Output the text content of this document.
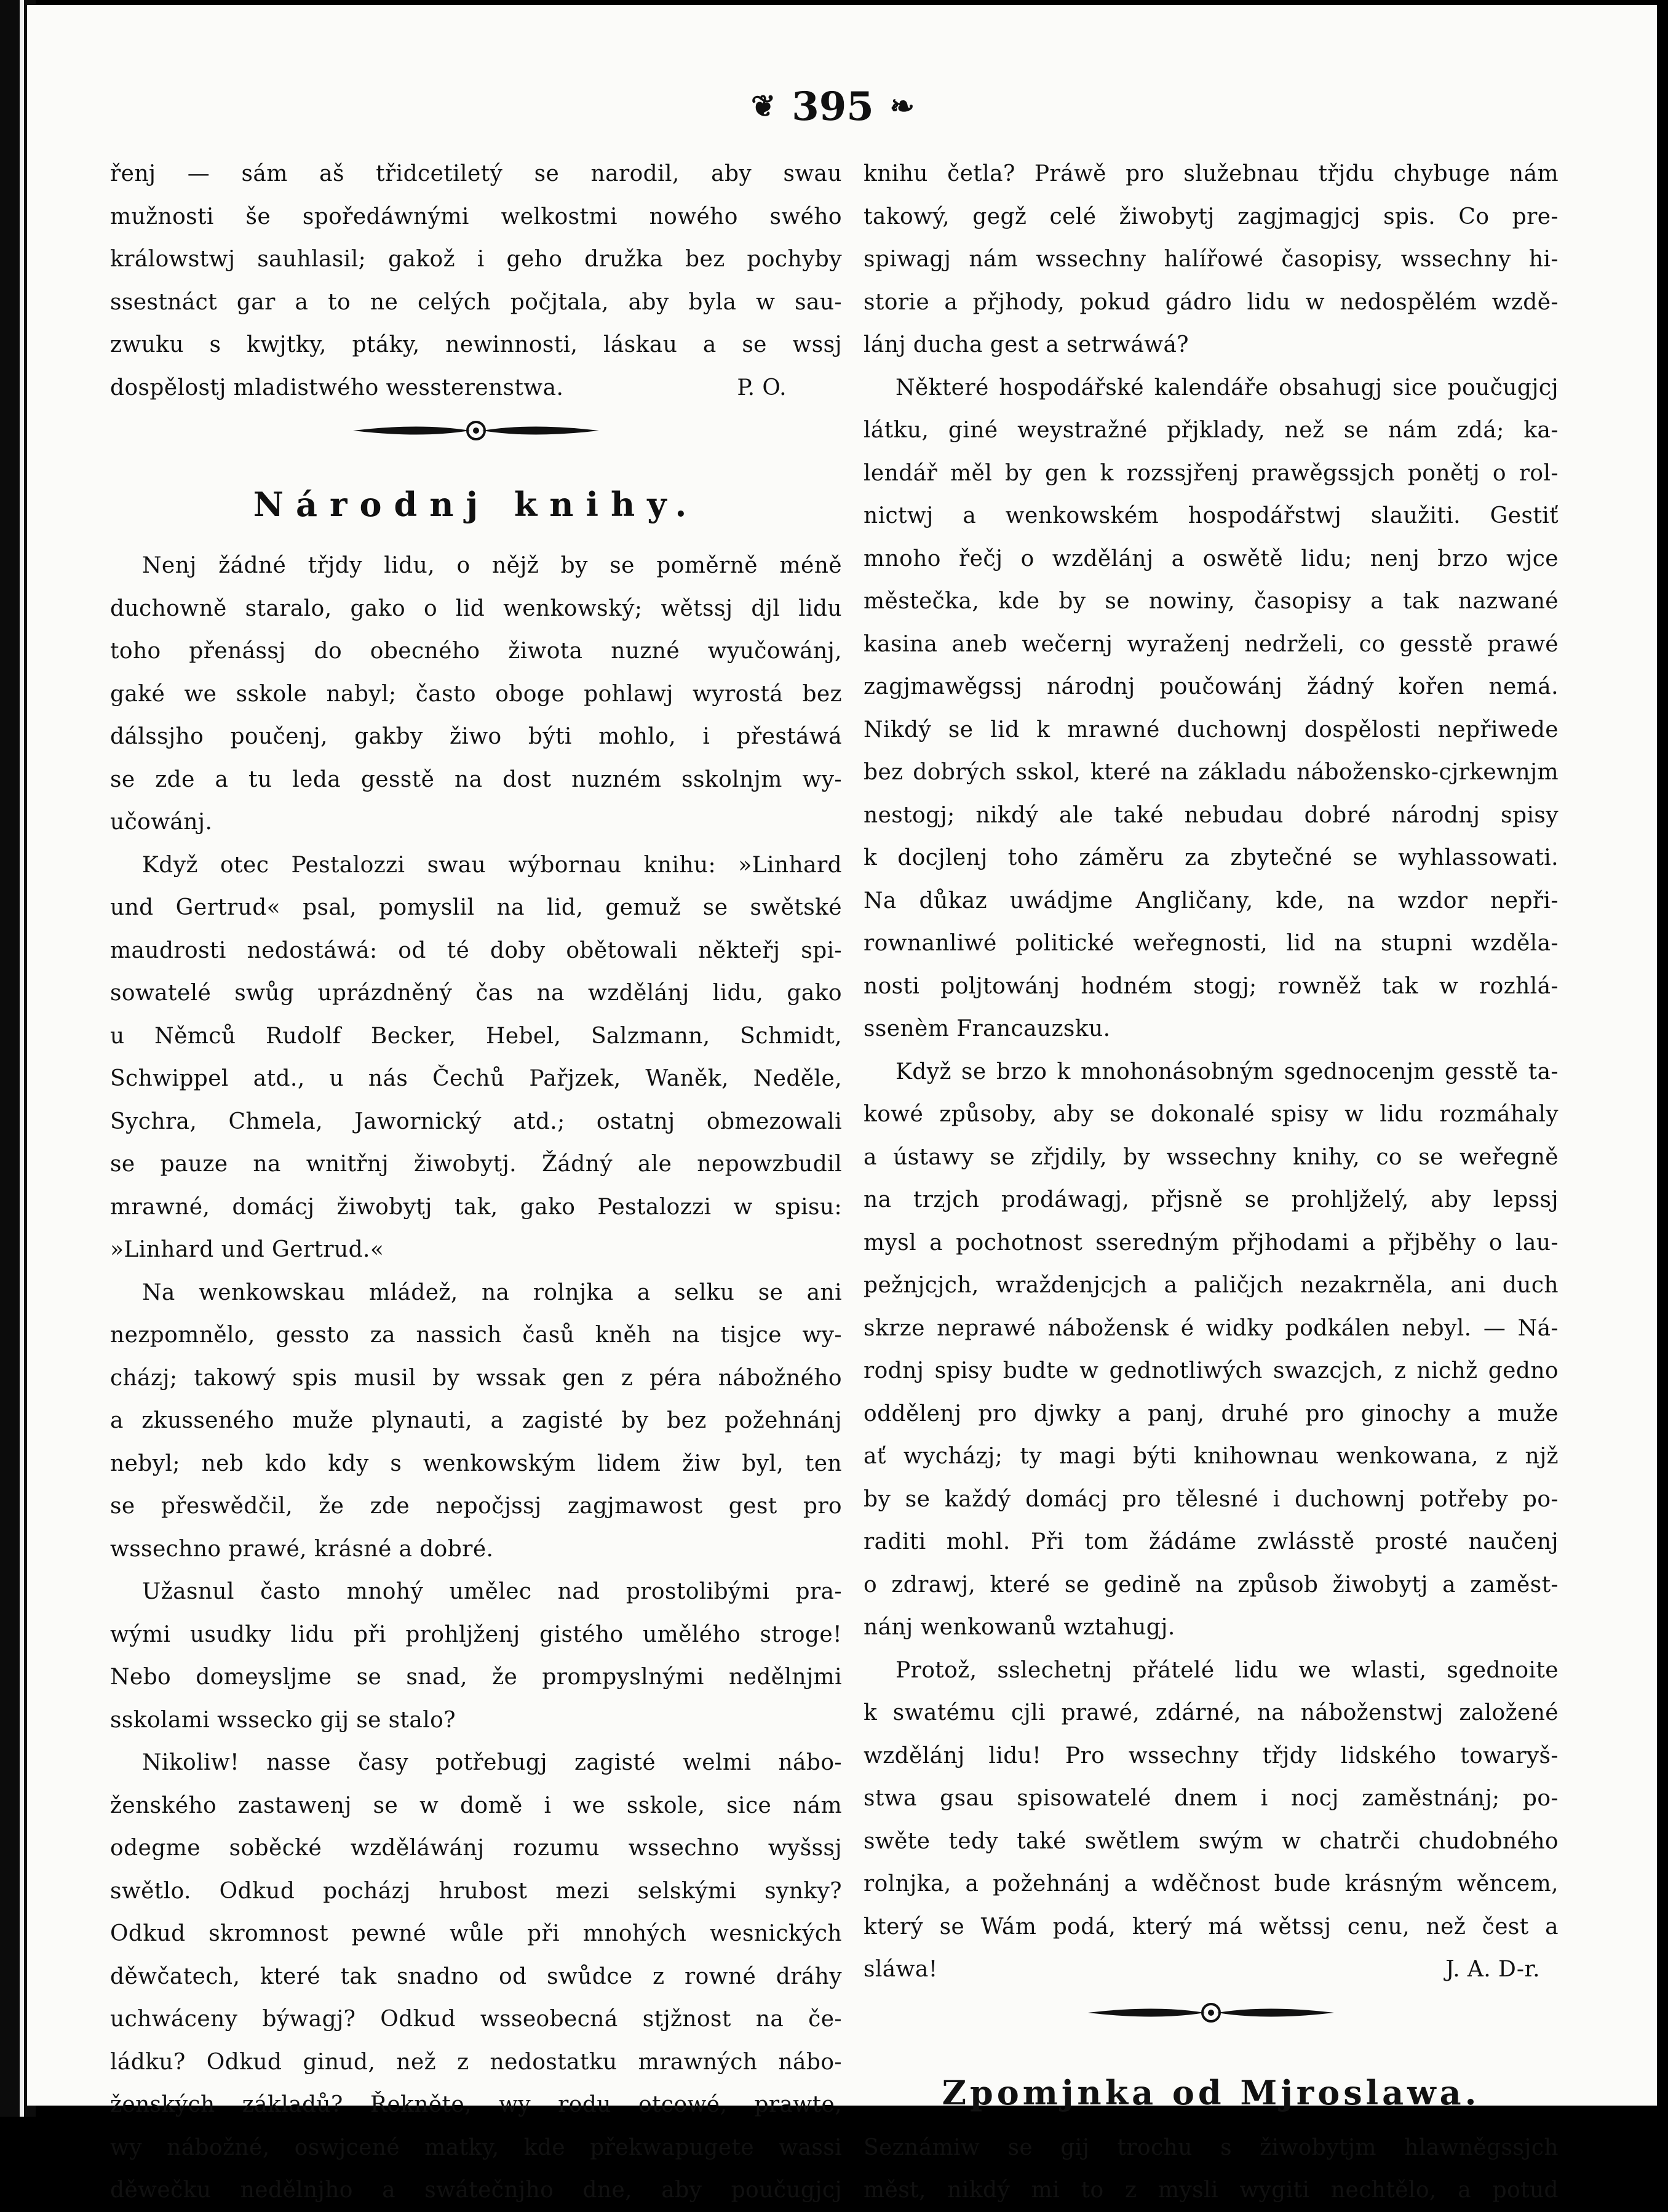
❦ 395 ❧
řenj — sám aš třidcetiletý se narodil, aby swau
mužnosti še spoředáwnými welkostmi nowého swého
králowstwj sauhlasil; gakož i geho družka bez pochyby
ssestnáct gar a to ne celých počjtala, aby byla w sau-
zwuku s kwjtky, ptáky, newinnosti, láskau a se wssj
dospělostj mladistwého wessterenstwa.	P. O.
Národnj knihy.
Nenj žádné třjdy lidu, o nějž by se poměrně méně
duchowně staralo, gako o lid wenkowský; wětssj djl lidu
toho přenássj do obecného žiwota nuzné wyučowánj,
gaké we sskole nabyl; často oboge pohlawj wyrostá bez
dálssjho poučenj, gakby žiwo býti mohlo, i přestáwá
se zde a tu leda gesstě na dost nuzném sskolnjm wy-
učowánj.
Když otec Pestalozzi swau wýbornau knihu: »Linhard
und Gertrud« psal, pomyslil na lid, gemuž se swětské
maudrosti nedostáwá: od té doby obětowali někteřj spi-
sowatelé swůg uprázdněný čas na wzdělánj lidu, gako
u Němců Rudolf Becker, Hebel, Salzmann, Schmidt,
Schwippel atd., u nás Čechů Pařjzek, Waněk, Neděle,
Sychra, Chmela, Jawornický atd.; ostatnj obmezowali
se pauze na wnitřnj žiwobytj. Žádný ale nepowzbudil
mrawné, domácj žiwobytj tak, gako Pestalozzi w spisu:
»Linhard und Gertrud.«
Na wenkowskau mládež, na rolnjka a selku se ani
nezpomnělo, gessto za nassich časů kněh na tisjce wy-
cházj; takowý spis musil by wssak gen z péra nábožného
a zkussenéhо muže plynauti, a zagisté by bez požehnánj
nebyl; neb kdo kdy s wenkowským lidem žiw byl, ten
se přeswědčil, že zde nepočjssj zagjmawost gest pro
wssechno prawé, krásné a dobré.
Užasnul často mnohý umělec nad prostolibými pra-
wými usudky lidu při prohljženj gistého umělého stroge!
Nebo domeysljme se snad, že prompyslnými nedělnjmi
sskolami wssecko gij se stalo?
Nikoliw! nasse časy potřebugj zagisté welmi nábo-
ženského zastawenj se w domě i we sskole, sice nám
odegme soběcké wzděláwánj rozumu wssechno wyšssj
swětlo. Odkud pocházj hrubost mezi selskými synky?
Odkud skromnost pewné wůle při mnohých wesnických
děwčatech, které tak snadno od swůdce z rowné dráhy
uchwáceny býwagj? Odkud wsseobecná stjžnost na če-
ládku? Odkud ginud, než z nedostatku mrawných nábo-
ženských základů? Řekněte, wy rodu otcowé, prawte,
wy nábožné, oswjcené matky, kde překwapugete wassi
děwečku nedělnjho a swátečnjho dne, aby poučugjcj
knihu četla? Práwě pro služebnau třjdu chybuge nám
takowý, gegž celé žiwobytj zagjmagjcj spis. Co pre-
spiwagj nám wssechny halířowé časopisy, wssechny hi-
storie a přjhody, pokud gádro lidu w nedospělém wzdě-
lánj ducha gest a setrwáwá?
Některé hospodářské kalendáře obsahugj sice poučugjcj
látku, giné weystražné přjklady, než se nám zdá; ka-
lendář měl by gen k rozssjřenj prawěgssjch ponětj o rol-
nictwj a wenkowském hospodářstwj slaužiti. Gestiť
mnoho řečj o wzdělánj a oswětě lidu; nenj brzo wjce
městečka, kde by se nowiny, časopisy a tak nazwané
kasina aneb wečernj wyraženj nedrželi, co gesstě prawé
zagjmawěgssj národnj poučowánj žádný kořen nemá.
Nikdý se lid k mrawné duchownj dospělosti nepřiwede
bez dobrých sskol, které na základu nábožensko-cjrkewnjm
nestogj; nikdý ale také nebudau dobré národnj spisy
k docjlenj toho záměru za zbytečné se wyhlassowati.
Na důkaz uwádjme Angličany, kde, na wzdor nepři-
rownanliwé politické weřegnosti, lid na stupni wzděla-
nosti poljtowánj hodném stogj; rowněž tak w rozhlá-
ssenèm Francauzsku.
Když se brzo k mnohonásobným sgednocenjm gesstě ta-
kowé způsoby, aby se dokonalé spisy w lidu rozmáhaly
a ústawy se zřjdily, by wssechny knihy, co se weřegně
na trzjch prodáwagj, přjsně se prohljželý, aby lepssj
mysl a pochotnost sseredným přjhodami a přjběhy o lau-
pežnjcjch, wraždenjcjch a paličjch nezakrněla, ani duch
skrze neprawé nábožensk é widky podkálen nebyl. — Ná-
rodnj spisy budte w gednotliwých swazcjch, z nichž gedno
oddělenj pro djwky a panj, druhé pro ginochy a muže
ať wycházj; ty magi býti knihownau wenkowana, z njž
by se každý domácj pro tělesné i duchownj potřeby po-
raditi mohl. Při tom žádáme zwlásstě prosté naučenj
o zdrawj, které se gedině na způsob žiwobytj a zaměst-
nánj wenkowanů wztahugj.
Protož, sslechetnj přátelé lidu we wlasti, sgednoite
k swatému cjli prawé, zdárné, na náboženstwj založené
wzdělánj lidu! Pro wssechny třjdy lidského towaryš-
stwa gsau spisowatelé dnem i nocj zaměstnánj; po-
swěte tedy také swětlem swým w chatrči chudobného
rolnjka, a požehnánj a wděčnost bude krásným wěncem,
který se Wám podá, který má wětssj cenu, než čest a
sláwa!	J. A. D-r.
Zpomjnka od Mjroslawa.
Seznámiw se gij trochu s žiwobytjm hlawněgssjch
měst, nikdý mi to z mysli wygiti nechtělo, a potud
